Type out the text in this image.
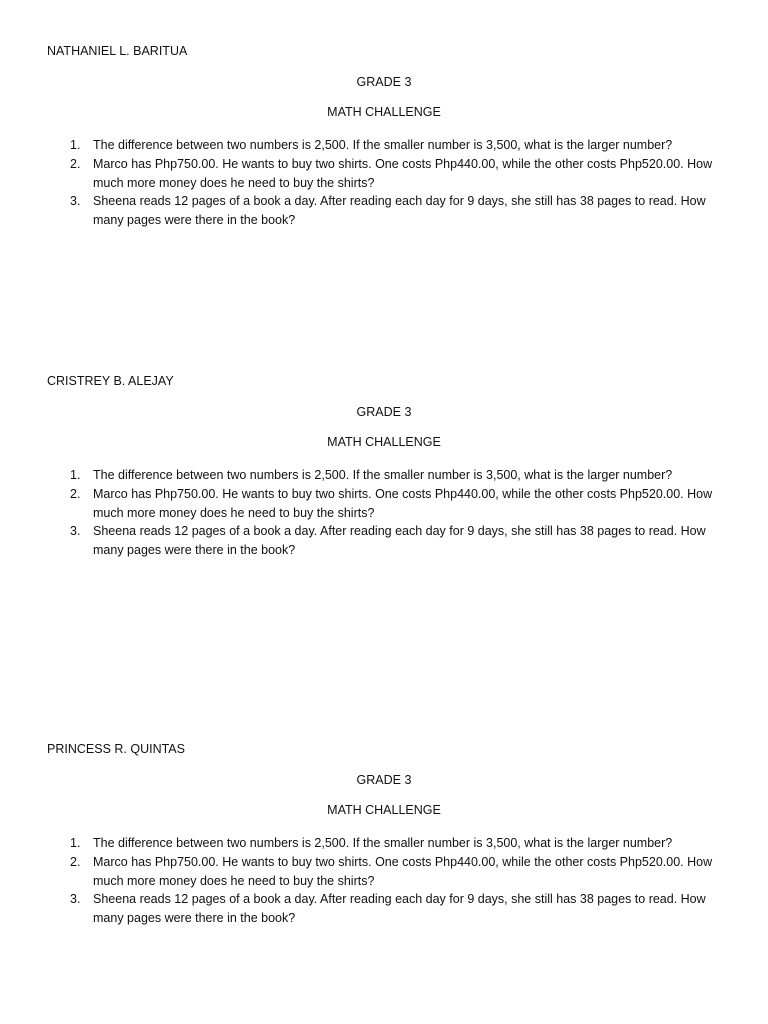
NATHANIEL L. BARITUA
GRADE 3
MATH CHALLENGE
1. The difference between two numbers is 2,500. If the smaller number is 3,500, what is the larger number?
2. Marco has Php750.00. He wants to buy two shirts. One costs Php440.00, while the other costs Php520.00. How much more money does he need to buy the shirts?
3. Sheena reads 12 pages of a book a day. After reading each day for 9 days, she still has 38 pages to read. How many pages were there in the book?
CRISTREY B. ALEJAY
GRADE 3
MATH CHALLENGE
1. The difference between two numbers is 2,500. If the smaller number is 3,500, what is the larger number?
2. Marco has Php750.00. He wants to buy two shirts. One costs Php440.00, while the other costs Php520.00. How much more money does he need to buy the shirts?
3. Sheena reads 12 pages of a book a day. After reading each day for 9 days, she still has 38 pages to read. How many pages were there in the book?
PRINCESS R. QUINTAS
GRADE 3
MATH CHALLENGE
1. The difference between two numbers is 2,500. If the smaller number is 3,500, what is the larger number?
2. Marco has Php750.00. He wants to buy two shirts. One costs Php440.00, while the other costs Php520.00. How much more money does he need to buy the shirts?
3. Sheena reads 12 pages of a book a day. After reading each day for 9 days, she still has 38 pages to read. How many pages were there in the book?
